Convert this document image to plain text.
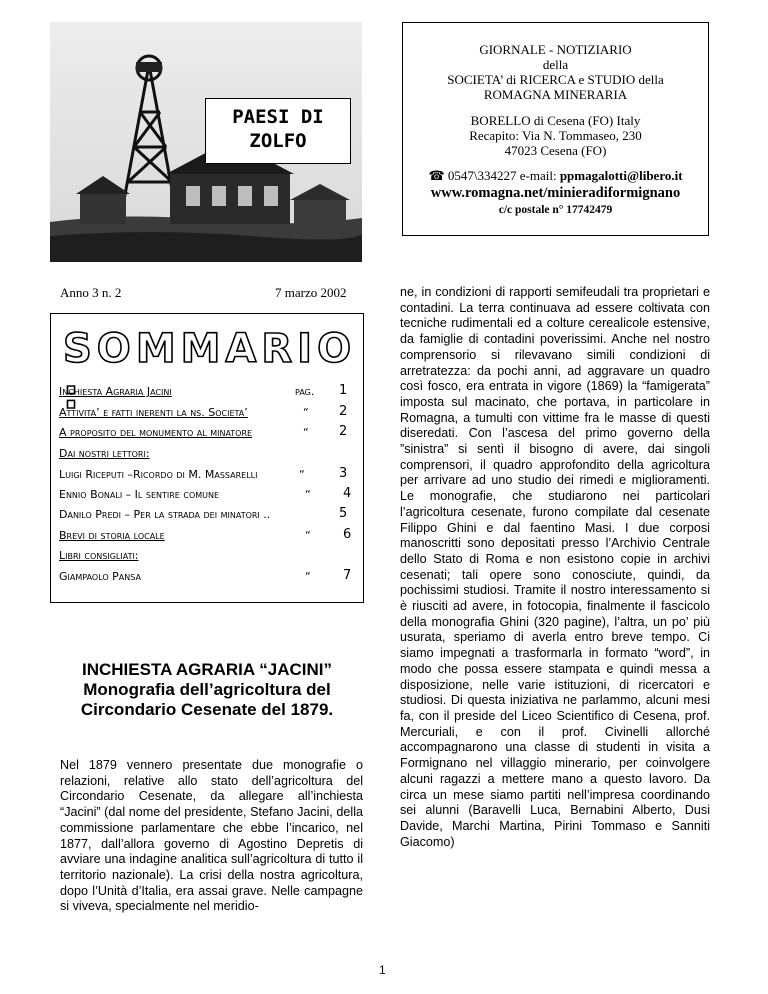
PAESI DI
ZOLFO
GIORNALE - NOTIZIARIO
della
SOCIETA’ di RICERCA e STUDIO della
ROMAGNA MINERARIA
BORELLO di Cesena (FO) Italy
Recapito: Via N. Tommaseo, 230
47023 Cesena (FO)
☎ 0547\334227 e-mail: ppmagalotti@libero.it
www.romagna.net/minieradiformignano
c/c postale n° 17742479
Anno 3 n. 2	7 marzo 2002
SOMMARIO :
Inchiesta Agraria Jacini	pag. 1
Attivita’ e fatti inerenti la ns. Societa’	“ 2
A proposito del monumento al minatore	“ 2
Dai nostri lettori:
Luigi Riceputi –Ricordo di M. Massarelli	“	3
Ennio Bonali – Il sentire comune	“ 4
Danilo Predi – Per la strada dei minatori ..	5
Brevi di storia locale	“ 6
Libri consigliati:
Giampaolo Pansa	“ 7
INCHIESTA AGRARIA “JACINI”
Monografia dell’agricoltura del
Circondario Cesenate del 1879.
Nel 1879 vennero presentate due monografie o relazioni, relative allo stato dell’agricoltura del Circondario Cesenate, da allegare all’inchiesta “Jacini” (dal nome del presidente, Stefano Jacini, della commissione parlamentare che ebbe l’incarico, nel 1877, dall’allora governo di Agostino Depretis di avviare una indagine analitica sull’agricoltura di tutto il territorio nazionale). La crisi della nostra agricoltura, dopo l’Unità d’Italia, era assai grave. Nelle campagne si viveva, specialmente nel meridio-
ne, in condizioni di rapporti semifeudali tra proprietari e contadini. La terra continuava ad essere coltivata con tecniche rudimentali ed a colture cerealicole estensive, da famiglie di contadini poverissimi. Anche nel nostro comprensorio si rilevavano simili condizioni di arretratezza: da pochi anni, ad aggravare un quadro così fosco, era entrata in vigore (1869) la “famigerata” imposta sul macinato, che portava, in particolare in Romagna, a tumulti con vittime fra le masse di questi diseredati. Con l’ascesa del primo governo della ”sinistra” si sentì il bisogno di avere, dai singoli comprensori, il quadro approfondito della agricoltura per arrivare ad uno studio dei rimedi e miglioramenti. Le monografie, che studiarono nei particolari l’agricoltura cesenate, furono compilate dal cesenate Filippo Ghini e dal faentino Masi. I due corposi manoscritti sono depositati presso l’Archivio Centrale dello Stato di Roma e non esistono copie in archivi cesenati; tali opere sono conosciute, quindi, da pochissimi studiosi. Tramite il nostro interessamento si è riusciti ad avere, in fotocopia, finalmente il fascicolo della monografia Ghini (320 pagine), l’altra, un po’ più usurata, speriamo di averla entro breve tempo. Ci siamo impegnati a trasformarla in formato “word”, in modo che possa essere stampata e quindi messa a disposizione, nelle varie istituzioni, di ricercatori e studiosi. Di questa iniziativa ne parlammo, alcuni mesi fa, con il preside del Liceo Scientifico di Cesena, prof. Mercuriali, e con il prof. Civinelli allorché accompagnarono una classe di studenti in visita a Formignano nel villaggio minerario, per coinvolgere alcuni ragazzi a mettere mano a questo lavoro. Da circa un mese siamo partiti nell’impresa coordinando sei alunni (Baravelli Luca, Bernabini Alberto, Dusi Davide, Marchi Martina, Pirini Tommaso e Sanniti Giacomo)
1
